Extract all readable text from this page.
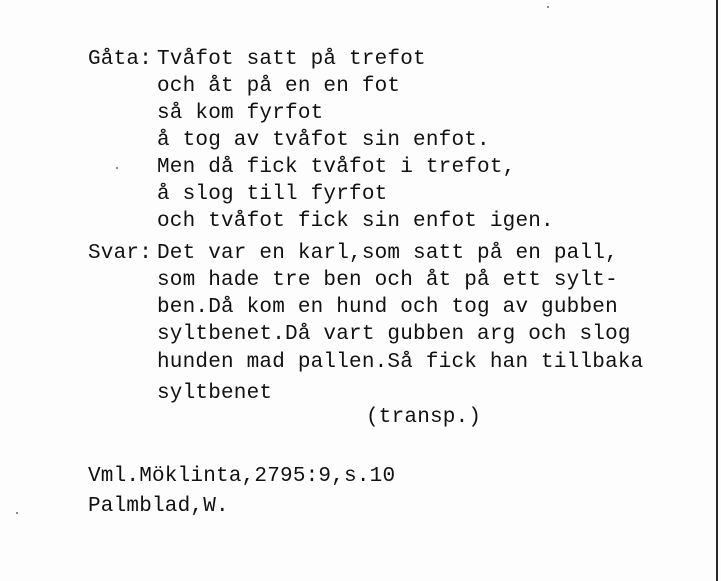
Gåta: Tvåfot satt på trefot
och åt på en en fot
så kom fyrfot
å tog av tvåfot sin enfot.
Men då fick tvåfot i trefot,
å slog till fyrfot
och tvåfot fick sin enfot igen.
Svar: Det var en karl,som satt på en pall,
som hade tre ben och åt på ett sylt-
ben.Då kom en hund och tog av gubben
syltbenet.Då vart gubben arg och slog
hunden mad pallen.Så fick han tillbaka
syltbenet
(transp.)
Vml.Möklinta,2795:9,s.10
Palmblad,W.
